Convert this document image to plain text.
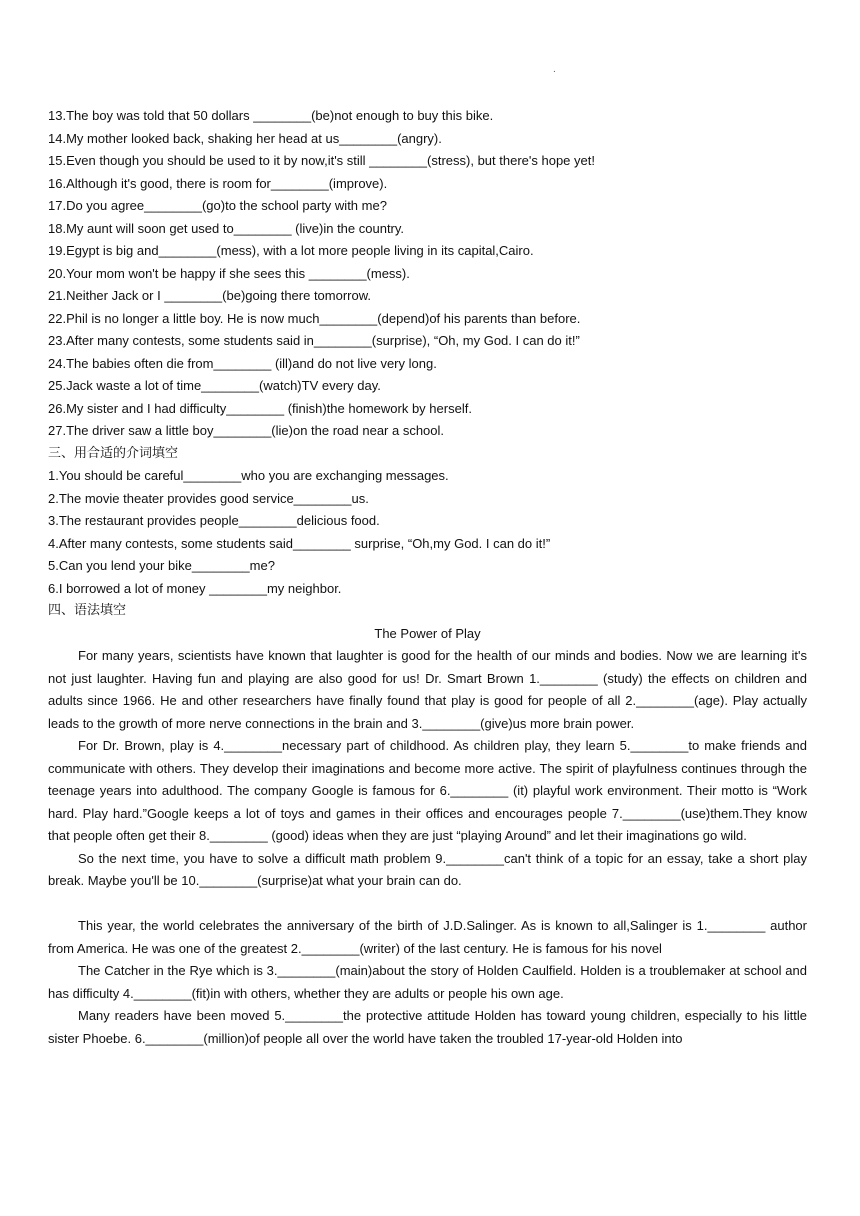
.
13.The boy was told that 50 dollars ________(be)not enough to buy this bike.
14.My mother looked back, shaking her head at us________(angry).
15.Even though you should be used to it by now,it's still ________(stress), but there's hope yet!
16.Although it's good, there is room for________(improve).
17.Do you agree________(go)to the school party with me?
18.My aunt will soon get used to________ (live)in the country.
19.Egypt is big and________(mess), with a lot more people living in its capital,Cairo.
20.Your mom won't be happy if she sees this ________(mess).
21.Neither Jack or I ________(be)going there tomorrow.
22.Phil is no longer a little boy. He is now much________(depend)of his parents than before.
23.After many contests, some students said in________(surprise), “Oh, my God. I can do it!”
24.The babies often die from________ (ill)and do not live very long.
25.Jack waste a lot of time________(watch)TV every day.
26.My sister and I had difficulty________ (finish)the homework by herself.
27.The driver saw a little boy________(lie)on the road near a school.
三、用合适的介词填空
1.You should be careful________who you are exchanging messages.
2.The movie theater provides good service________us.
3.The restaurant provides people________delicious food.
4.After many contests, some students said________ surprise, “Oh,my God. I can do it!”
5.Can you lend your bike________me?
6.I borrowed a lot of money ________my neighbor.
四、语法填空
The Power of Play
For many years, scientists have known that laughter is good for the health of our minds and bodies. Now we are learning it's not just laughter. Having fun and playing are also good for us! Dr. Smart Brown 1.________ (study) the effects on children and adults since 1966. He and other researchers have finally found that play is good for people of all 2.________(age). Play actually leads to the growth of more nerve connections in the brain and 3.________(give)us more brain power.
For Dr. Brown, play is 4.________necessary part of childhood. As children play, they learn 5.________to make friends and communicate with others. They develop their imaginations and become more active. The spirit of playfulness continues through the teenage years into adulthood. The company Google is famous for 6.________ (it) playful work environment. Their motto is “Work hard. Play hard.”Google keeps a lot of toys and games in their offices and encourages people 7.________(use)them.They know that people often get their 8.________ (good) ideas when they are just “playing Around” and let their imaginations go wild.
So the next time, you have to solve a difficult math problem 9.________can't think of a topic for an essay, take a short play break. Maybe you'll be 10.________(surprise)at what your brain can do.
This year, the world celebrates the anniversary of the birth of J.D.Salinger. As is known to all,Salinger is 1.________ author from America. He was one of the greatest 2.________(writer) of the last century. He is famous for his novel
The Catcher in the Rye which is 3.________(main)about the story of Holden Caulfield. Holden is a troublemaker at school and has difficulty 4.________(fit)in with others, whether they are adults or people his own age.
Many readers have been moved 5.________the protective attitude Holden has toward young children, especially to his little sister Phoebe. 6.________(million)of people all over the world have taken the troubled 17-year-old Holden into
